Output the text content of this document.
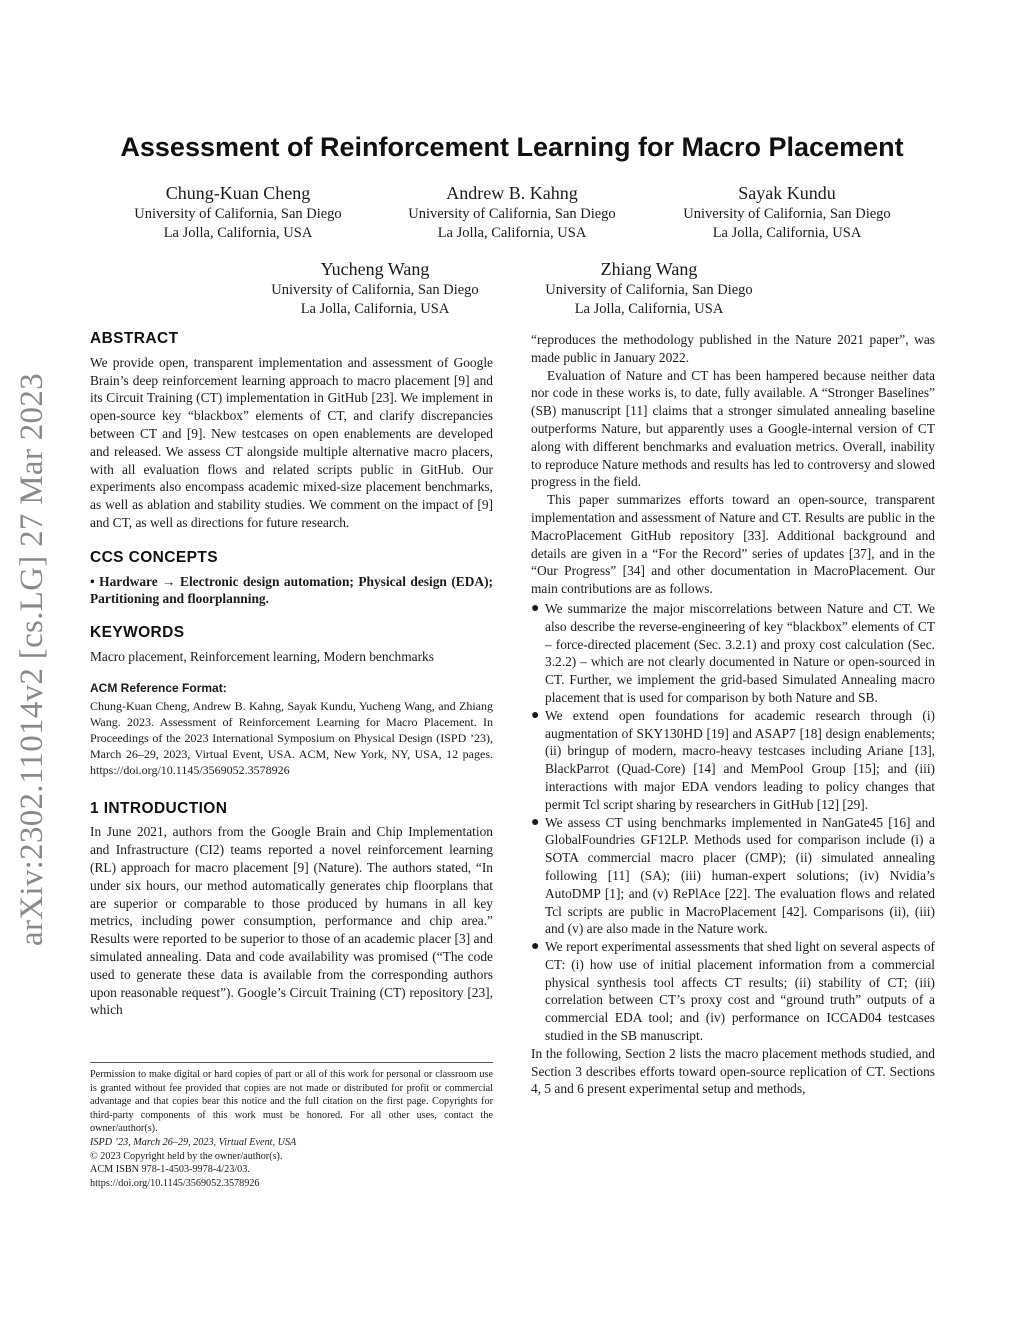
arXiv:2302.11014v2 [cs.LG] 27 Mar 2023
Assessment of Reinforcement Learning for Macro Placement
Chung-Kuan Cheng
University of California, San Diego
La Jolla, California, USA
Andrew B. Kahng
University of California, San Diego
La Jolla, California, USA
Sayak Kundu
University of California, San Diego
La Jolla, California, USA
Yucheng Wang
University of California, San Diego
La Jolla, California, USA
Zhiang Wang
University of California, San Diego
La Jolla, California, USA
ABSTRACT

We provide open, transparent implementation and assessment of Google Brain’s deep reinforcement learning approach to macro placement [9] and its Circuit Training (CT) implementation in GitHub [23]. We implement in open-source key “blackbox” elements of CT, and clarify discrepancies between CT and [9]. New testcases on open enablements are developed and released. We assess CT alongside multiple alternative macro placers, with all evaluation flows and related scripts public in GitHub. Our experiments also encompass academic mixed-size placement benchmarks, as well as ablation and stability studies. We comment on the impact of [9] and CT, as well as directions for future research.

CCS CONCEPTS

• Hardware → Electronic design automation; Physical design (EDA); Partitioning and floorplanning.

KEYWORDS

Macro placement, Reinforcement learning, Modern benchmarks

ACM Reference Format:

Chung-Kuan Cheng, Andrew B. Kahng, Sayak Kundu, Yucheng Wang, and Zhiang Wang. 2023. Assessment of Reinforcement Learning for Macro Placement. In Proceedings of the 2023 International Symposium on Physical Design (ISPD ’23), March 26–29, 2023, Virtual Event, USA. ACM, New York, NY, USA, 12 pages. https://doi.org/10.1145/3569052.3578926

1 INTRODUCTION

In June 2021, authors from the Google Brain and Chip Implementation and Infrastructure (CI2) teams reported a novel reinforcement learning (RL) approach for macro placement [9] (Nature). The authors stated, “In under six hours, our method automatically generates chip floorplans that are superior or comparable to those produced by humans in all key metrics, including power consumption, performance and chip area.” Results were reported to be superior to those of an academic placer [3] and simulated annealing. Data and code availability was promised (“The code used to generate these data is available from the corresponding authors upon reasonable request”). Google’s Circuit Training (CT) repository [23], which

Permission to make digital or hard copies of part or all of this work for personal or classroom use is granted without fee provided that copies are not made or distributed for profit or commercial advantage and that copies bear this notice and the full citation on the first page. Copyrights for third-party components of this work must be honored. For all other uses, contact the owner/author(s).

ISPD ’23, March 26–29, 2023, Virtual Event, USA

© 2023 Copyright held by the owner/author(s).

ACM ISBN 978-1-4503-9978-4/23/03.

https://doi.org/10.1145/3569052.3578926

“reproduces the methodology published in the Nature 2021 paper”, was made public in January 2022.

Evaluation of Nature and CT has been hampered because neither data nor code in these works is, to date, fully available. A “Stronger Baselines” (SB) manuscript [11] claims that a stronger simulated annealing baseline outperforms Nature, but apparently uses a Google-internal version of CT along with different benchmarks and evaluation metrics. Overall, inability to reproduce Nature methods and results has led to controversy and slowed progress in the field.

This paper summarizes efforts toward an open-source, transparent implementation and assessment of Nature and CT. Results are public in the MacroPlacement GitHub repository [33]. Additional background and details are given in a “For the Record” series of updates [37], and in the “Our Progress” [34] and other documentation in MacroPlacement. Our main contributions are as follows.

● We summarize the major miscorrelations between Nature and CT. We also describe the reverse-engineering of key “blackbox” elements of CT – force-directed placement (Sec. 3.2.1) and proxy cost calculation (Sec. 3.2.2) – which are not clearly documented in Nature or open-sourced in CT. Further, we implement the grid-based Simulated Annealing macro placement that is used for comparison by both Nature and SB.
● We extend open foundations for academic research through (i) augmentation of SKY130HD [19] and ASAP7 [18] design enablements; (ii) bringup of modern, macro-heavy testcases including Ariane [13], BlackParrot (Quad-Core) [14] and MemPool Group [15]; and (iii) interactions with major EDA vendors leading to policy changes that permit Tcl script sharing by researchers in GitHub [12] [29].
● We assess CT using benchmarks implemented in NanGate45 [16] and GlobalFoundries GF12LP. Methods used for comparison include (i) a SOTA commercial macro placer (CMP); (ii) simulated annealing following [11] (SA); (iii) human-expert solutions; (iv) Nvidia’s AutoDMP [1]; and (v) RePlAce [22]. The evaluation flows and related Tcl scripts are public in MacroPlacement [42]. Comparisons (ii), (iii) and (v) are also made in the Nature work.
● We report experimental assessments that shed light on several aspects of CT: (i) how use of initial placement information from a commercial physical synthesis tool affects CT results; (ii) stability of CT; (iii) correlation between CT’s proxy cost and “ground truth” outputs of a commercial EDA tool; and (iv) performance on ICCAD04 testcases studied in the SB manuscript.

In the following, Section 2 lists the macro placement methods studied, and Section 3 describes efforts toward open-source replication of CT. Sections 4, 5 and 6 present experimental setup and methods,
